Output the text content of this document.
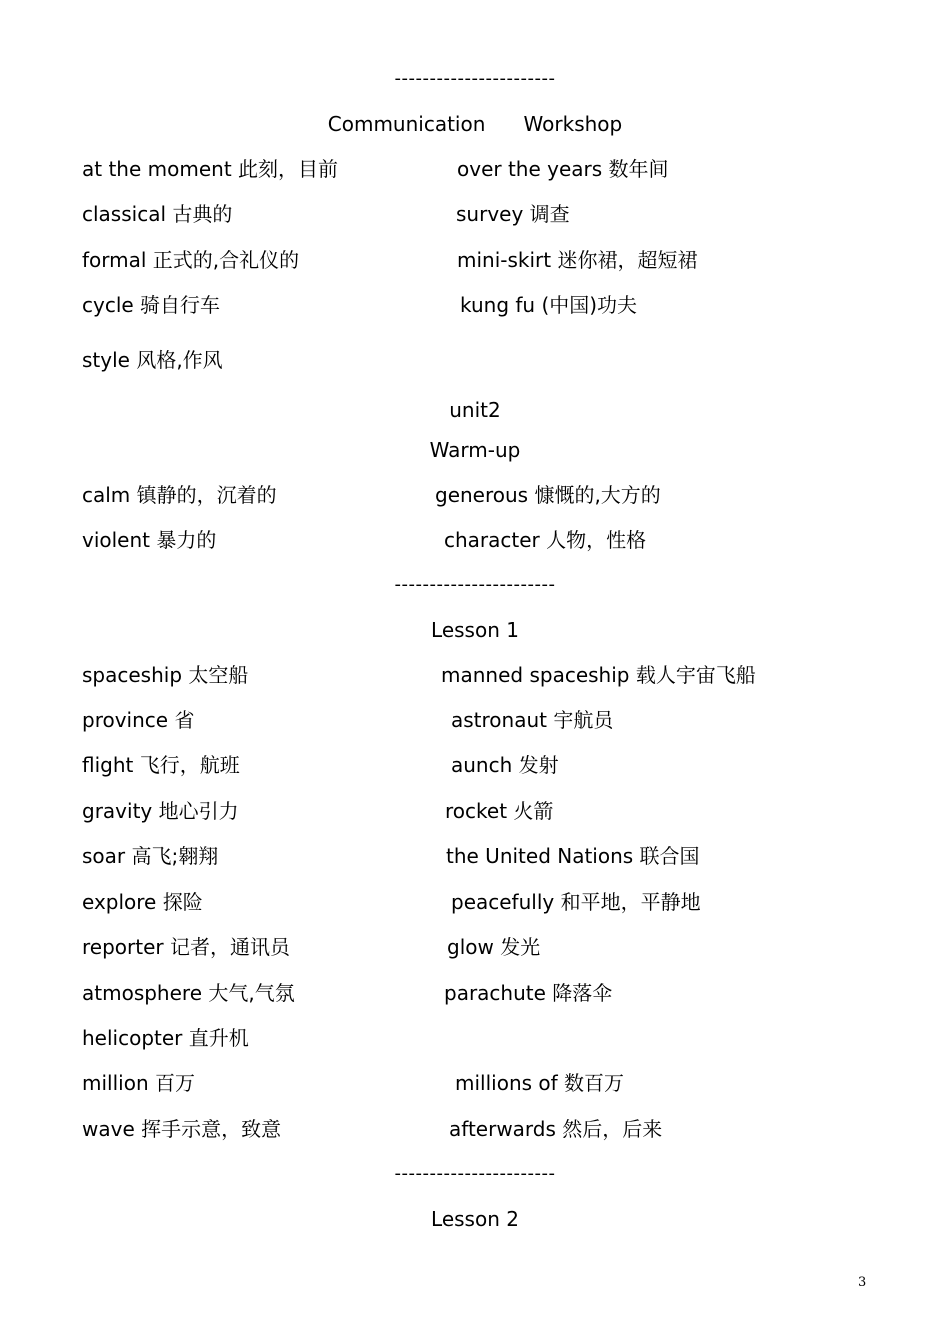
-----------------------
Communication      Workshop
at the moment 此刻，目前	over the years 数年间
classical 古典的	survey 调查
formal 正式的,合礼仪的	mini-skirt 迷你裙，超短裙
cycle 骑自行车	kung fu (中国)功夫
style 风格,作风
unit2
Warm-up
calm 镇静的，沉着的	generous 慷慨的,大方的
violent 暴力的	character 人物，性格
-----------------------
Lesson 1
spaceship 太空船	manned spaceship 载人宇宙飞船
province 省	astronaut 宇航员
flight 飞行，航班	aunch 发射
gravity 地心引力	rocket 火箭
soar 高飞;翱翔	the United Nations 联合国
explore 探险	peacefully 和平地，平静地
reporter 记者，通讯员	glow 发光
atmosphere 大气,气氛	parachute 降落伞
helicopter 直升机
million 百万	millions of 数百万
wave 挥手示意，致意	afterwards 然后，后来
-----------------------
Lesson 2
3
